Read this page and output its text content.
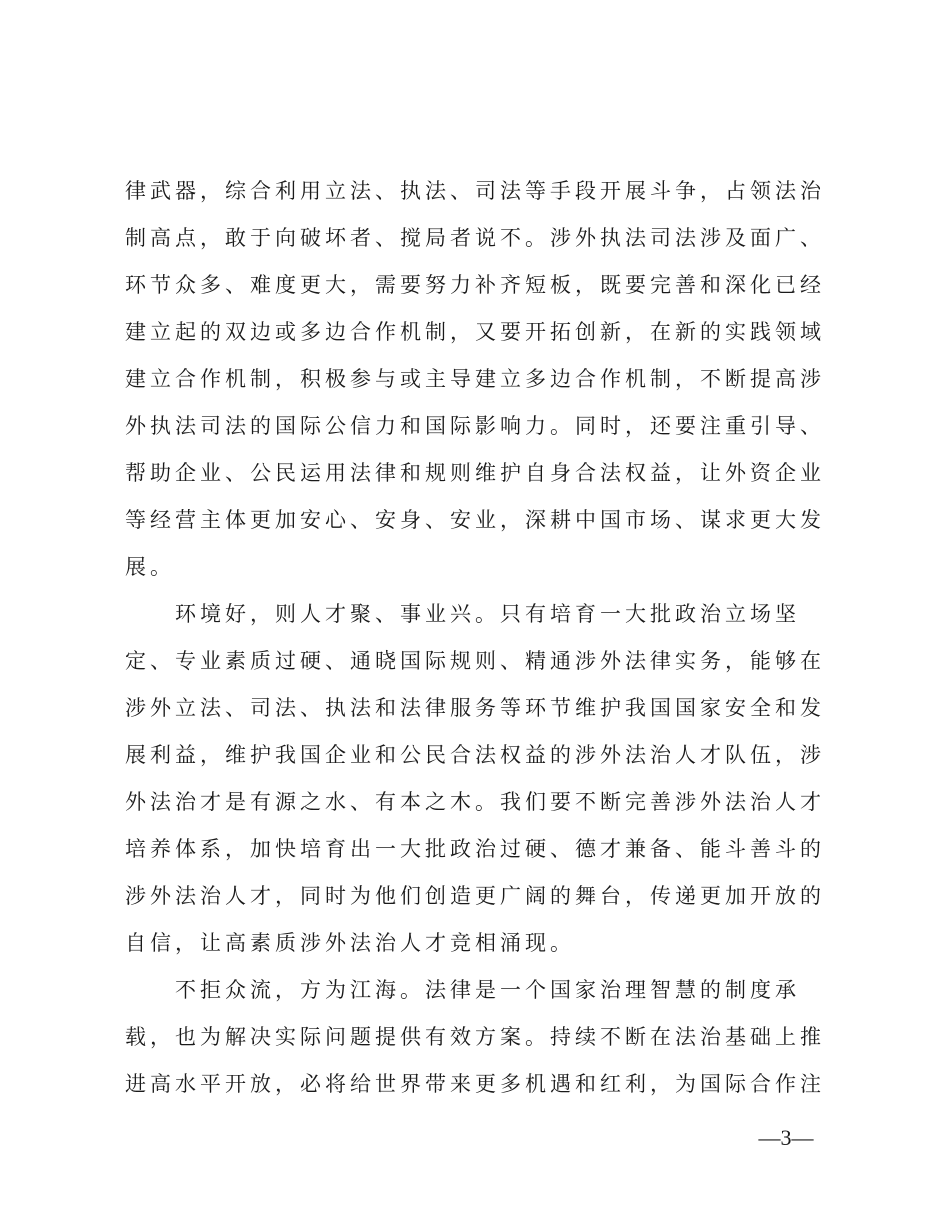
律武器，综合利用立法、执法、司法等手段开展斗争，占领法治
制高点，敢于向破坏者、搅局者说不。涉外执法司法涉及面广、
环节众多、难度更大，需要努力补齐短板，既要完善和深化已经
建立起的双边或多边合作机制，又要开拓创新，在新的实践领域
建立合作机制，积极参与或主导建立多边合作机制，不断提高涉
外执法司法的国际公信力和国际影响力。同时，还要注重引导、
帮助企业、公民运用法律和规则维护自身合法权益，让外资企业
等经营主体更加安心、安身、安业，深耕中国市场、谋求更大发
展。
环境好，则人才聚、事业兴。只有培育一大批政治立场坚
定、专业素质过硬、通晓国际规则、精通涉外法律实务，能够在
涉外立法、司法、执法和法律服务等环节维护我国国家安全和发
展利益，维护我国企业和公民合法权益的涉外法治人才队伍，涉
外法治才是有源之水、有本之木。我们要不断完善涉外法治人才
培养体系，加快培育出一大批政治过硬、德才兼备、能斗善斗的
涉外法治人才，同时为他们创造更广阔的舞台，传递更加开放的
自信，让高素质涉外法治人才竞相涌现。
不拒众流，方为江海。法律是一个国家治理智慧的制度承
载，也为解决实际问题提供有效方案。持续不断在法治基础上推
进高水平开放，必将给世界带来更多机遇和红利，为国际合作注
—3—
